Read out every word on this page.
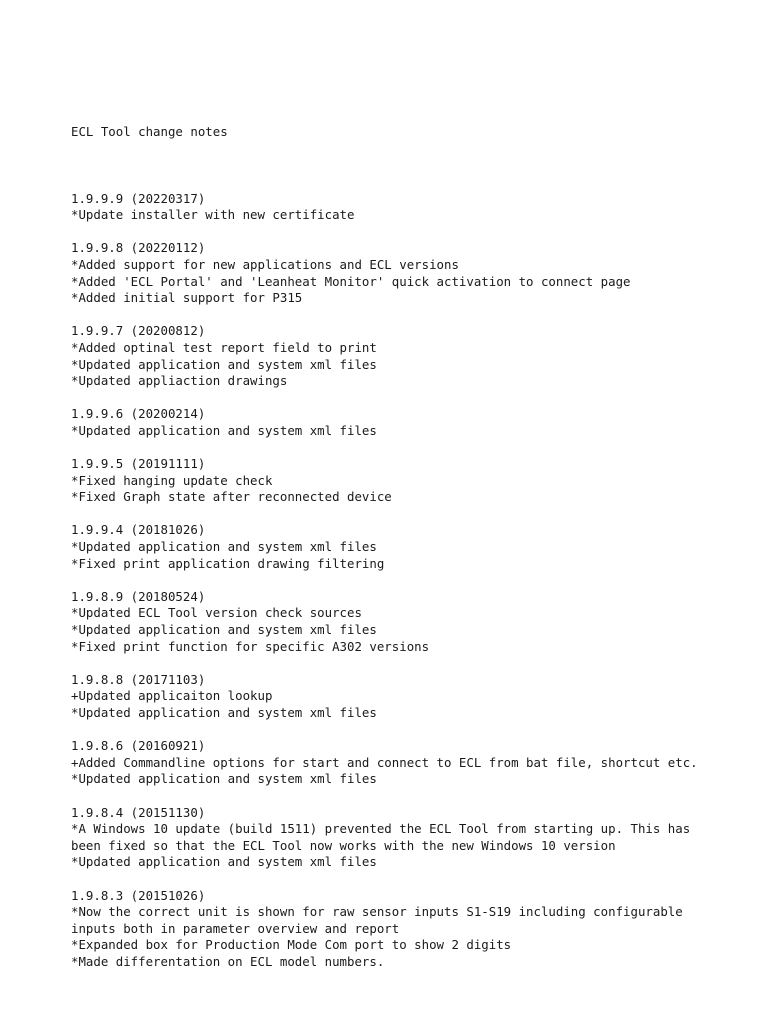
ECL Tool change notes

1.9.9.9 (20220317)
*Update installer with new certificate
1.9.9.8 (20220112)
*Added support for new applications and ECL versions
*Added 'ECL Portal' and 'Leanheat Monitor' quick activation to connect page
*Added initial support for P315
1.9.9.7 (20200812)
*Added optinal test report field to print
*Updated application and system xml files
*Updated appliaction drawings
1.9.9.6 (20200214)
*Updated application and system xml files
1.9.9.5 (20191111)
*Fixed hanging update check
*Fixed Graph state after reconnected device
1.9.9.4 (20181026)
*Updated application and system xml files
*Fixed print application drawing filtering
1.9.8.9 (20180524)
*Updated ECL Tool version check sources
*Updated application and system xml files
*Fixed print function for specific A302 versions
1.9.8.8 (20171103)
+Updated applicaiton lookup
*Updated application and system xml files
1.9.8.6 (20160921)
+Added Commandline options for start and connect to ECL from bat file, shortcut etc.
*Updated application and system xml files
1.9.8.4 (20151130)
*A Windows 10 update (build 1511) prevented the ECL Tool from starting up. This has been fixed so that the ECL Tool now works with the new Windows 10 version
*Updated application and system xml files
1.9.8.3 (20151026)
*Now the correct unit is shown for raw sensor inputs S1-S19 including configurable inputs both in parameter overview and report
*Expanded box for Production Mode Com port to show 2 digits
*Made differentation on ECL model numbers.
